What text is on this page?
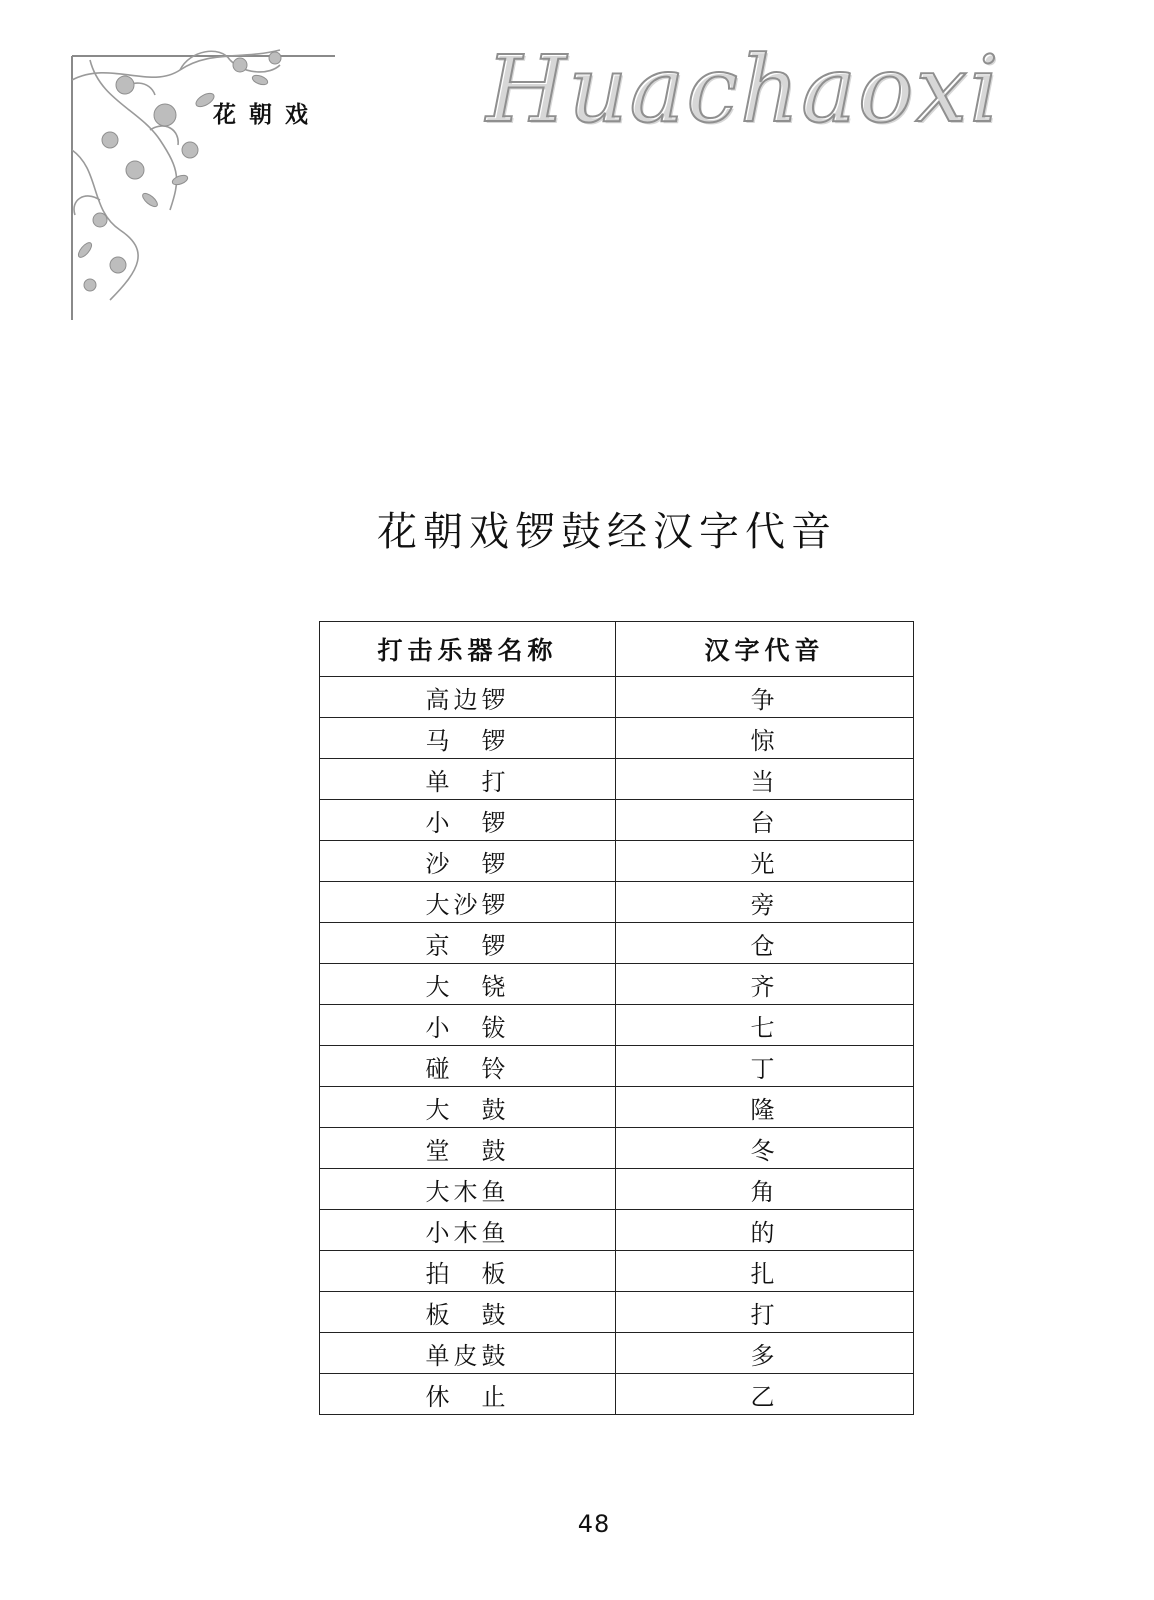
花朝戏 Huachaoxi
花朝戏锣鼓经汉字代音
打击乐器名称	汉字代音
高边锣	争
马　锣	惊
单　打	当
小　锣	台
沙　锣	光
大沙锣	旁
京　锣	仓
大　铙	齐
小　钹	七
碰　铃	丁
大　鼓	隆
堂　鼓	冬
大木鱼	角
小木鱼	的
拍　板	扎
板　鼓	打
单皮鼓	多
休　止	乙
48
